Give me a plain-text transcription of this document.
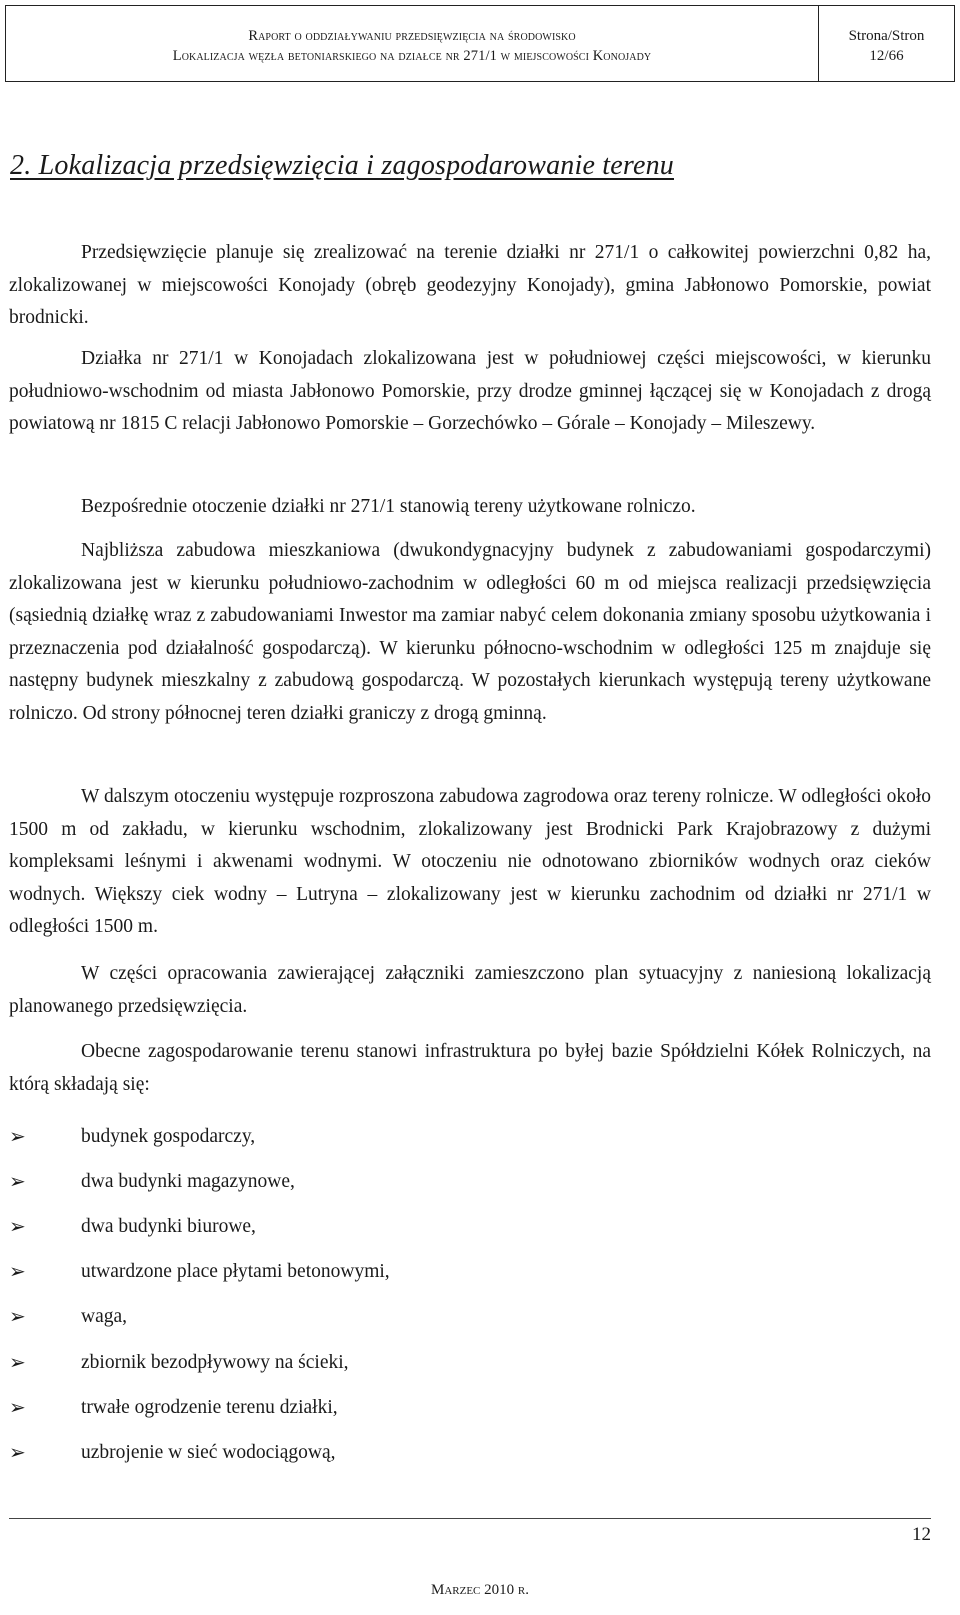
Raport o oddziaływaniu przedsięwzięcia na środowisko
Lokalizacja węzła betoniarskiego na działce nr 271/1 w miejscowości Konojady
Strona/Stron
12/66
2. Lokalizacja przedsięwzięcia i zagospodarowanie terenu

Przedsięwzięcie planuje się zrealizować na terenie działki nr 271/1 o całkowitej powierzchni 0,82 ha, zlokalizowanej w miejscowości Konojady (obręb geodezyjny Konojady), gmina Jabłonowo Pomorskie, powiat brodnicki.

Działka nr 271/1 w Konojadach zlokalizowana jest w południowej części miejscowości, w kierunku południowo-wschodnim od miasta Jabłonowo Pomorskie, przy drodze gminnej łączącej się w Konojadach z drogą powiatową nr 1815 C relacji Jabłonowo Pomorskie – Gorzechówko – Górale – Konojady – Mileszewy.

Bezpośrednie otoczenie działki nr 271/1 stanowią tereny użytkowane rolniczo.

Najbliższa zabudowa mieszkaniowa (dwukondygnacyjny budynek z zabudowaniami gospodarczymi) zlokalizowana jest w kierunku południowo-zachodnim w odległości 60 m od miejsca realizacji przedsięwzięcia (sąsiednią działkę wraz z zabudowaniami Inwestor ma zamiar nabyć celem dokonania zmiany sposobu użytkowania i przeznaczenia pod działalność gospodarczą). W kierunku północno-wschodnim w odległości 125 m znajduje się następny budynek mieszkalny z zabudową gospodarczą. W pozostałych kierunkach występują tereny użytkowane rolniczo. Od strony północnej teren działki graniczy z drogą gminną.

W dalszym otoczeniu występuje rozproszona zabudowa zagrodowa oraz tereny rolnicze. W odległości około 1500 m od zakładu, w kierunku wschodnim, zlokalizowany jest Brodnicki Park Krajobrazowy z dużymi kompleksami leśnymi i akwenami wodnymi. W otoczeniu nie odnotowano zbiorników wodnych oraz cieków wodnych. Większy ciek wodny – Lutryna – zlokalizowany jest w kierunku zachodnim od działki nr 271/1 w odległości 1500 m.

W części opracowania zawierającej załączniki zamieszczono plan sytuacyjny z naniesioną lokalizacją planowanego przedsięwzięcia.

Obecne zagospodarowanie terenu stanowi infrastruktura po byłej bazie Spółdzielni Kółek Rolniczych, na którą składają się:

➢	budynek gospodarczy,
➢	dwa budynki magazynowe,
➢	dwa budynki biurowe,
➢	utwardzone place płytami betonowymi,
➢	waga,
➢	zbiornik bezodpływowy na ścieki,
➢	trwałe ogrodzenie terenu działki,
➢	uzbrojenie w sieć wodociągową,
12
Marzec 2010 r.
